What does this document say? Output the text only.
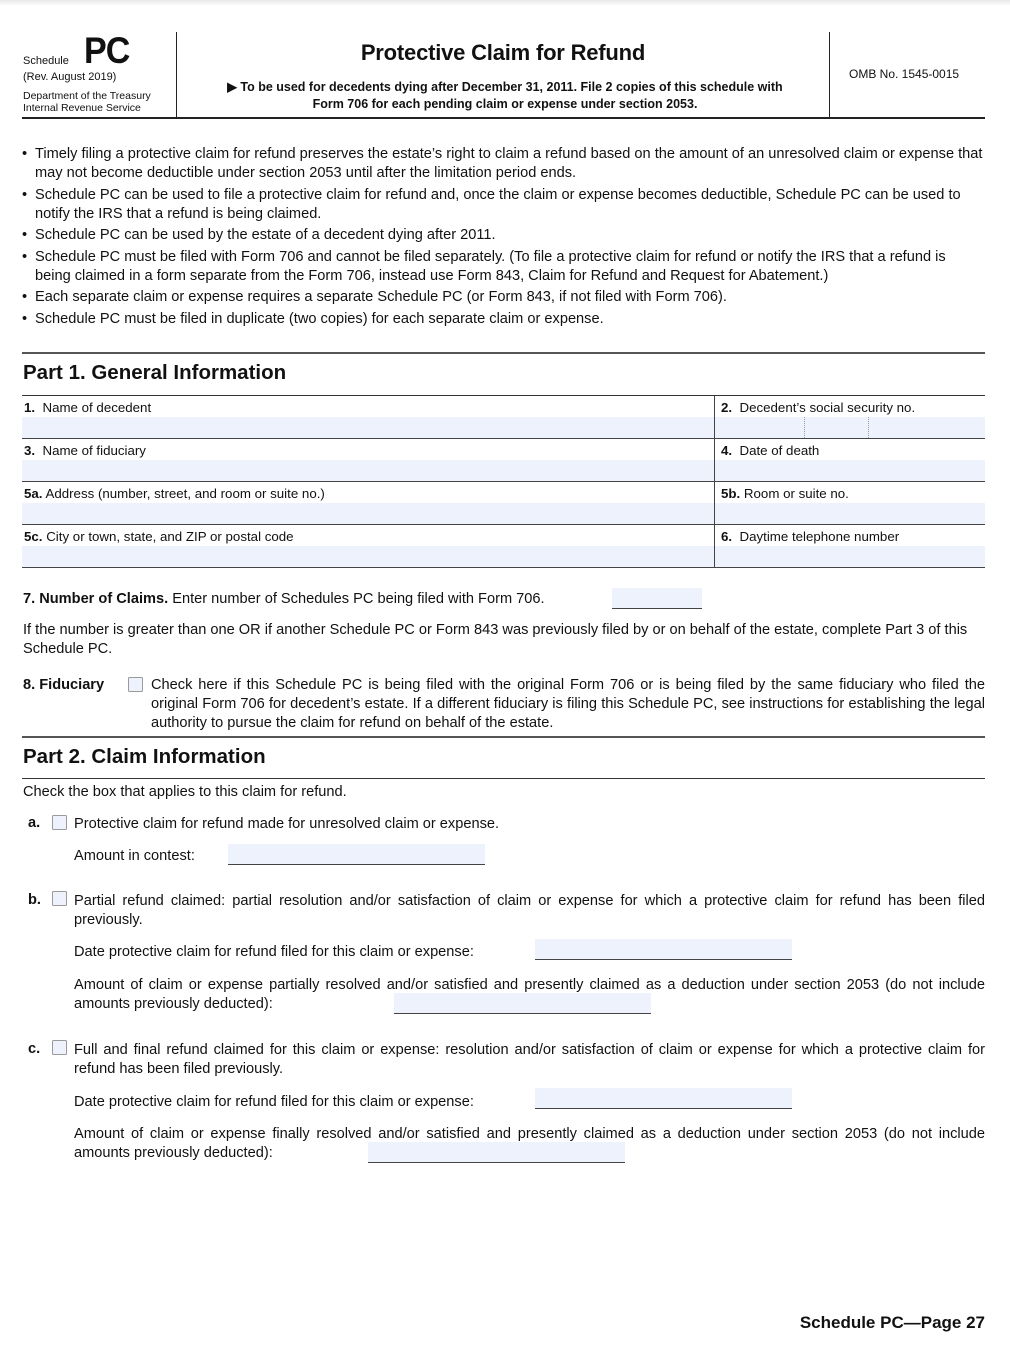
Schedule PC
(Rev. August 2019)
Department of the Treasury
Internal Revenue Service
Protective Claim for Refund
▶ To be used for decedents dying after December 31, 2011. File 2 copies of this schedule with
Form 706 for each pending claim or expense under section 2053.
OMB No. 1545-0015
• Timely filing a protective claim for refund preserves the estate’s right to claim a refund based on the amount of an unresolved claim or expense that may not become deductible under section 2053 until after the limitation period ends.
• Schedule PC can be used to file a protective claim for refund and, once the claim or expense becomes deductible, Schedule PC can be used to notify the IRS that a refund is being claimed.
• Schedule PC can be used by the estate of a decedent dying after 2011.
• Schedule PC must be filed with Form 706 and cannot be filed separately. (To file a protective claim for refund or notify the IRS that a refund is being claimed in a form separate from the Form 706, instead use Form 843, Claim for Refund and Request for Abatement.)
• Each separate claim or expense requires a separate Schedule PC (or Form 843, if not filed with Form 706).
• Schedule PC must be filed in duplicate (two copies) for each separate claim or expense.
Part 1. General Information
1. Name of decedent	2. Decedent’s social security no.
3. Name of fiduciary	4. Date of death
5a. Address (number, street, and room or suite no.)	5b. Room or suite no.
5c. City or town, state, and ZIP or postal code	6. Daytime telephone number
7. Number of Claims. Enter number of Schedules PC being filed with Form 706.
If the number is greater than one OR if another Schedule PC or Form 843 was previously filed by or on behalf of the estate, complete Part 3 of this Schedule PC.
8. Fiduciary	Check here if this Schedule PC is being filed with the original Form 706 or is being filed by the same fiduciary who filed the original Form 706 for decedent’s estate. If a different fiduciary is filing this Schedule PC, see instructions for establishing the legal authority to pursue the claim for refund on behalf of the estate.
Part 2. Claim Information
Check the box that applies to this claim for refund.
a. Protective claim for refund made for unresolved claim or expense.
Amount in contest:
b. Partial refund claimed: partial resolution and/or satisfaction of claim or expense for which a protective claim for refund has been filed previously.
Date protective claim for refund filed for this claim or expense:
Amount of claim or expense partially resolved and/or satisfied and presently claimed as a deduction under section 2053 (do not include amounts previously deducted):
c. Full and final refund claimed for this claim or expense: resolution and/or satisfaction of claim or expense for which a protective claim for refund has been filed previously.
Date protective claim for refund filed for this claim or expense:
Amount of claim or expense finally resolved and/or satisfied and presently claimed as a deduction under section 2053 (do not include amounts previously deducted):
Schedule PC—Page 27
